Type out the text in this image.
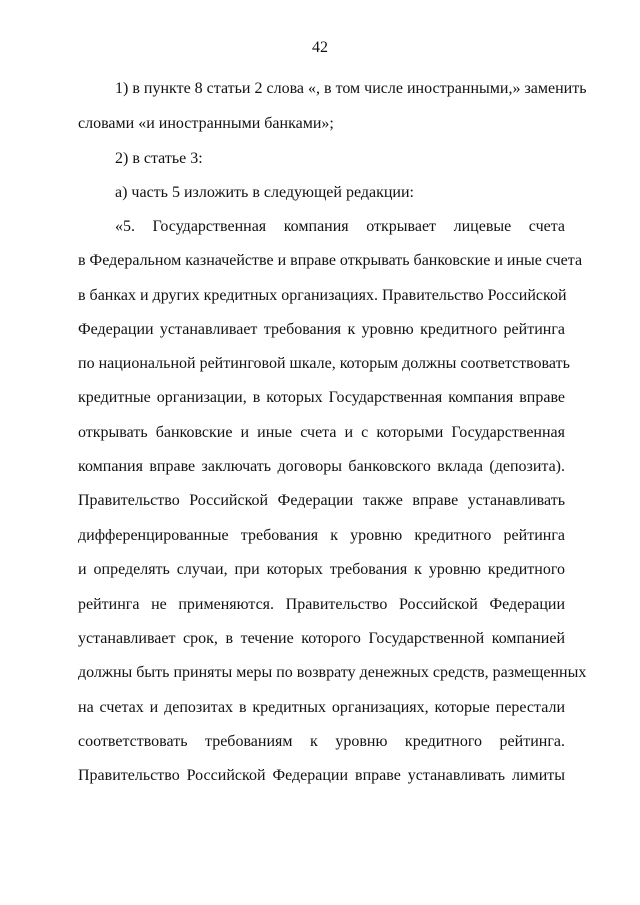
42
1) в пункте 8 статьи 2 слова «, в том числе иностранными,» заменить
словами «и иностранными банками»;
2) в статье 3:
а) часть 5 изложить в следующей редакции:
«5. Государственная компания открывает лицевые счета
в Федеральном казначействе и вправе открывать банковские и иные счета
в банках и других кредитных организациях. Правительство Российской
Федерации устанавливает требования к уровню кредитного рейтинга
по национальной рейтинговой шкале, которым должны соответствовать
кредитные организации, в которых Государственная компания вправе
открывать банковские и иные счета и с которыми Государственная
компания вправе заключать договоры банковского вклада (депозита).
Правительство Российской Федерации также вправе устанавливать
дифференцированные требования к уровню кредитного рейтинга
и определять случаи, при которых требования к уровню кредитного
рейтинга не применяются. Правительство Российской Федерации
устанавливает срок, в течение которого Государственной компанией
должны быть приняты меры по возврату денежных средств, размещенных
на счетах и депозитах в кредитных организациях, которые перестали
соответствовать требованиям к уровню кредитного рейтинга.
Правительство Российской Федерации вправе устанавливать лимиты
